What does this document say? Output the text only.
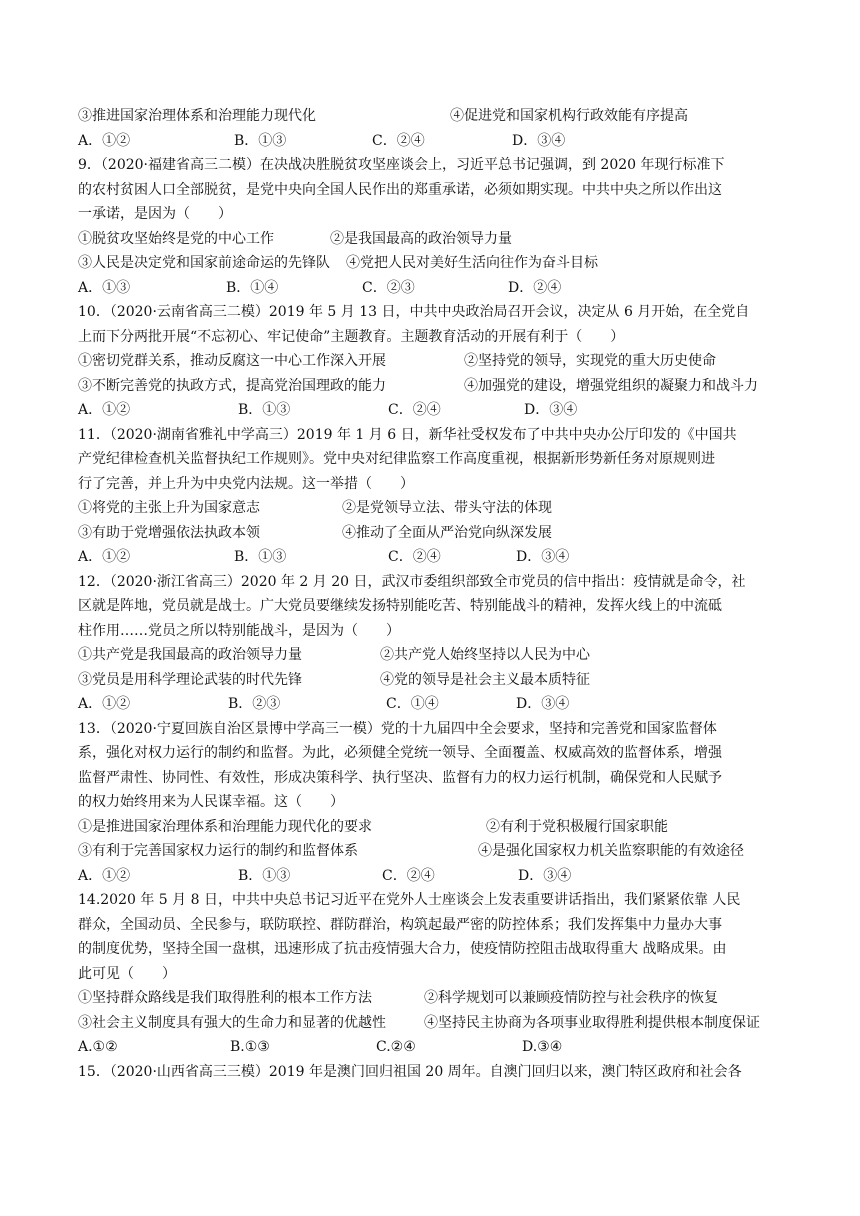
③推进国家治理体系和治理能力现代化	④促进党和国家机构行政效能有序提高
A．①②	B．①③	C．②④	D．③④
9．（2020·福建省高三二模）在决战决胜脱贫攻坚座谈会上，习近平总书记强调，到 2020 年现行标准下
的农村贫困人口全部脱贫，是党中央向全国人民作出的郑重承诺，必须如期实现。中共中央之所以作出这
一承诺，是因为（　　）
①脱贫攻坚始终是党的中心工作	②是我国最高的政治领导力量
③人民是决定党和国家前途命运的先锋队 ④党把人民对美好生活向往作为奋斗目标
A．①③	B．①④	C．②③	D．②④
10．（2020·云南省高三二模）2019 年 5 月 13 日，中共中央政治局召开会议，决定从 6 月开始，在全党自
上而下分两批开展“不忘初心、牢记使命”主题教育。主题教育活动的开展有利于（　　）
①密切党群关系，推动反腐这一中心工作深入开展	②坚持党的领导，实现党的重大历史使命
③不断完善党的执政方式，提高党治国理政的能力	④加强党的建设，增强党组织的凝聚力和战斗力
A．①②	B．①③	C．②④	D．③④
11．（2020·湖南省雅礼中学高三）2019 年 1 月 6 日，新华社受权发布了中共中央办公厅印发的《中国共
产党纪律检查机关监督执纪工作规则》。党中央对纪律监察工作高度重视，根据新形势新任务对原规则进
行了完善，并上升为中央党内法规。这一举措（　　）
①将党的主张上升为国家意志	②是党领导立法、带头守法的体现
③有助于党增强依法执政本领	④推动了全面从严治党向纵深发展
A．①②	B．①③	C．②④	D．③④
12．（2020·浙江省高三）2020 年 2 月 20 日，武汉市委组织部致全市党员的信中指出：疫情就是命令，社
区就是阵地，党员就是战士。广大党员要继续发扬特别能吃苦、特别能战斗的精神，发挥火线上的中流砥
柱作用……党员之所以特别能战斗，是因为（　　）
①共产党是我国最高的政治领导力量	②共产党人始终坚持以人民为中心
③党员是用科学理论武装的时代先锋	④党的领导是社会主义最本质特征
A．①②	B．②③	C．①④	D．③④
13．（2020·宁夏回族自治区景博中学高三一模）党的十九届四中全会要求，坚持和完善党和国家监督体
系，强化对权力运行的制约和监督。为此，必须健全党统一领导、全面覆盖、权威高效的监督体系，增强
监督严肃性、协同性、有效性，形成决策科学、执行坚决、监督有力的权力运行机制，确保党和人民赋予
的权力始终用来为人民谋幸福。这（　　）
①是推进国家治理体系和治理能力现代化的要求	②有利于党积极履行国家职能
③有利于完善国家权力运行的制约和监督体系	④是强化国家权力机关监察职能的有效途径
A．①②	B．①③	C．②④	D．③④
14.2020 年 5 月 8 日，中共中央总书记习近平在党外人士座谈会上发表重要讲话指出，我们紧紧依靠 人民
群众，全国动员、全民参与，联防联控、群防群治，构筑起最严密的防控体系；我们发挥集中力量办大事
的制度优势，坚持全国一盘棋，迅速形成了抗击疫情强大合力，使疫情防控阻击战取得重大 战略成果。由
此可见（　　）
①坚持群众路线是我们取得胜利的根本工作方法	②科学规划可以兼顾疫情防控与社会秩序的恢复
③社会主义制度具有强大的生命力和显著的优越性	④坚持民主协商为各项事业取得胜利提供根本制度保证
A.①②	B.①③	C.②④	D.③④
15．（2020·山西省高三三模）2019 年是澳门回归祖国 20 周年。自澳门回归以来，澳门特区政府和社会各
